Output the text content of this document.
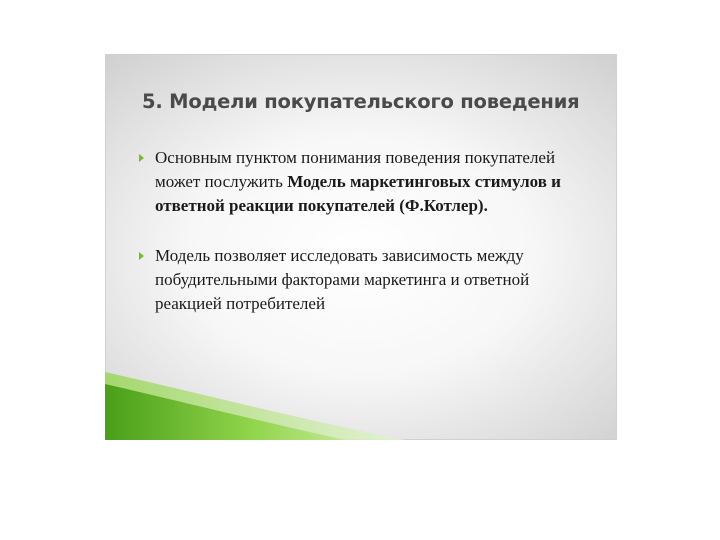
5. Модели покупательского поведения
Основным пунктом понимания поведения покупателей может послужить Модель маркетинговых стимулов и ответной реакции покупателей (Ф.Котлер).
Модель позволяет исследовать зависимость между побудительными факторами маркетинга и ответной реакцией потребителей
